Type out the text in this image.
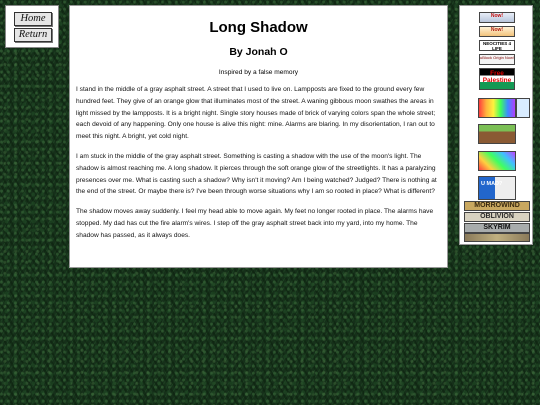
Home
Return	Long Shadow
By Jonah O
Inspired by a false memory

I stand in the middle of a gray asphalt street. A street that I used to live on. Lampposts are fixed to the ground every few hundred feet. They give of an orange glow that illuminates most of the street. A waning gibbous moon swathes the areas in light missed by the lampposts. It is a bright night. Single story houses made of brick of varying colors span the whole street; each devoid of any happening. Only one house is alive this night: mine. Alarms are blaring. In my disorientation, I ran out to meet this night. A bright, yet cold night.

I am stuck in the middle of the gray asphalt street. Something is casting a shadow with the use of the moon's light. The shadow is almost reaching me. A long shadow. It pierces through the soft orange glow of the streetlights. It has a paralyzing presences over me. What is casting such a shadow? Why isn't it moving? Am I being watched? Judged? There is nothing at the end of the street. Or maybe there is? I've been through worse situations why I am so rooted in place? What is different?

The shadow moves away suddenly. I feel my head able to move again. My feet no longer rooted in place. The alarms have stopped. My dad has cut the fire alarm's wires. I step off the gray asphalt street back into my yard, into my home. The shadow has passed, as it always does.

Now!
Now!
NEOCITIES 4 LIFE
uBlock Origin Now!
Free Palestine
U MAD?
MORROWIND
OBLIVION
SKYRIM
